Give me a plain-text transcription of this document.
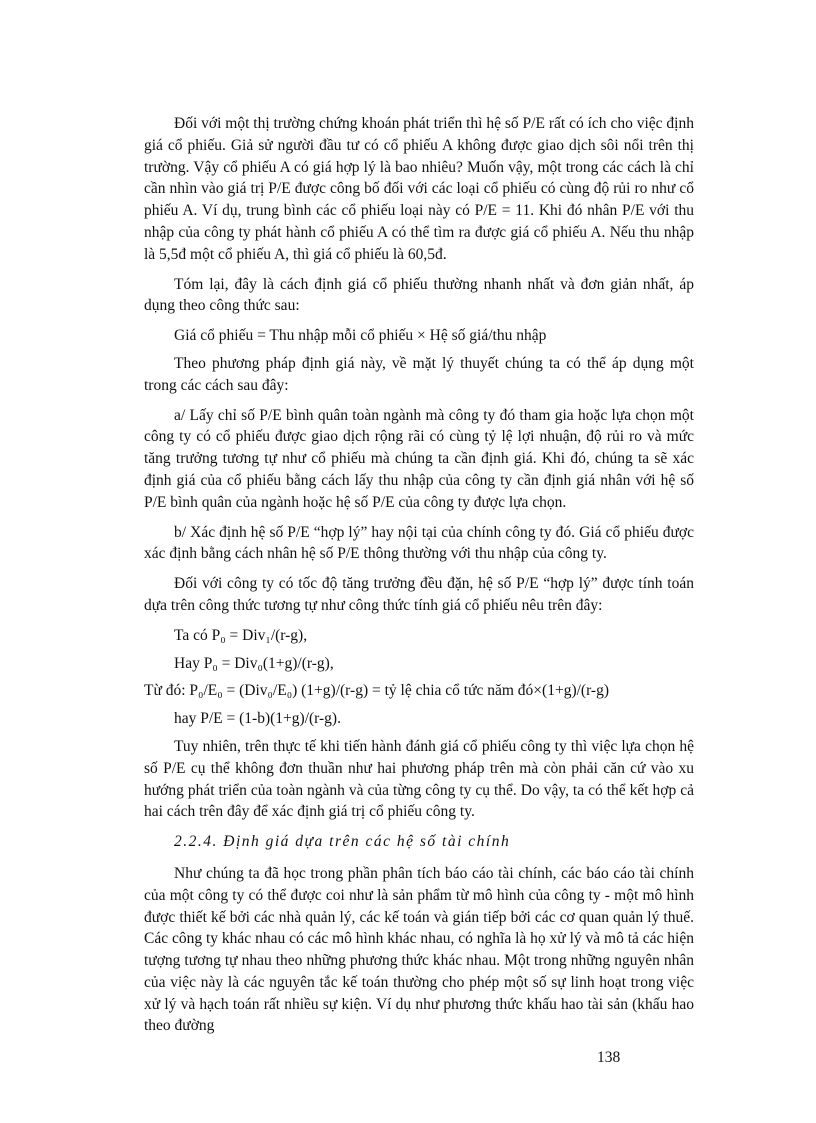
Đối với một thị trường chứng khoán phát triển thì hệ số P/E rất có ích cho việc định giá cổ phiếu. Giả sử người đầu tư có cổ phiếu A không được giao dịch sôi nổi trên thị trường. Vậy cổ phiếu A có giá hợp lý là bao nhiêu? Muốn vậy, một trong các cách là chỉ cần nhìn vào giá trị P/E được công bố đối với các loại cổ phiếu có cùng độ rủi ro như cổ phiếu A. Ví dụ, trung bình các cổ phiếu loại này có P/E = 11. Khi đó nhân P/E với thu nhập của công ty phát hành cổ phiếu A có thể tìm ra được giá cổ phiếu A. Nếu thu nhập là 5,5đ một cổ phiếu A, thì giá cổ phiếu là 60,5đ.

Tóm lại, đây là cách định giá cổ phiếu thường nhanh nhất và đơn giản nhất, áp dụng theo công thức sau:

Giá cổ phiếu = Thu nhập mỗi cổ phiếu × Hệ số giá/thu nhập

Theo phương pháp định giá này, về mặt lý thuyết chúng ta có thể áp dụng một trong các cách sau đây:

a/ Lấy chỉ số P/E bình quân toàn ngành mà công ty đó tham gia hoặc lựa chọn một công ty có cổ phiếu được giao dịch rộng rãi có cùng tỷ lệ lợi nhuận, độ rủi ro và mức tăng trưởng tương tự như cổ phiếu mà chúng ta cần định giá. Khi đó, chúng ta sẽ xác định giá của cổ phiếu bằng cách lấy thu nhập của công ty cần định giá nhân với hệ số P/E bình quân của ngành hoặc hệ số P/E của công ty được lựa chọn.

b/ Xác định hệ số P/E “hợp lý” hay nội tại của chính công ty đó. Giá cổ phiếu được xác định bằng cách nhân hệ số P/E thông thường với thu nhập của công ty.

Đối với công ty có tốc độ tăng trưởng đều đặn, hệ số P/E “hợp lý” được tính toán dựa trên công thức tương tự như công thức tính giá cổ phiếu nêu trên đây:

Ta có P₀ = Div₁/(r-g),
Hay P₀ = Div₀(1+g)/(r-g),
Từ đó: P₀/E₀ = (Div₀/E₀) (1+g)/(r-g) = tỷ lệ chia cổ tức năm đó×(1+g)/(r-g)
hay P/E = (1-b)(1+g)/(r-g).

Tuy nhiên, trên thực tế khi tiến hành đánh giá cổ phiếu công ty thì việc lựa chọn hệ số P/E cụ thể không đơn thuần như hai phương pháp trên mà còn phải căn cứ vào xu hướng phát triển của toàn ngành và của từng công ty cụ thể. Do vậy, ta có thể kết hợp cả hai cách trên đây để xác định giá trị cổ phiếu công ty.

2.2.4. Định giá dựa trên các hệ số tài chính

Như chúng ta đã học trong phần phân tích báo cáo tài chính, các báo cáo tài chính của một công ty có thể được coi như là sản phẩm từ mô hình của công ty - một mô hình được thiết kế bởi các nhà quản lý, các kế toán và gián tiếp bởi các cơ quan quản lý thuế. Các công ty khác nhau có các mô hình khác nhau, có nghĩa là họ xử lý và mô tả các hiện tượng tương tự nhau theo những phương thức khác nhau. Một trong những nguyên nhân của việc này là các nguyên tắc kế toán thường cho phép một số sự linh hoạt trong việc xử lý và hạch toán rất nhiều sự kiện. Ví dụ như phương thức khấu hao tài sản (khấu hao theo đường

138
